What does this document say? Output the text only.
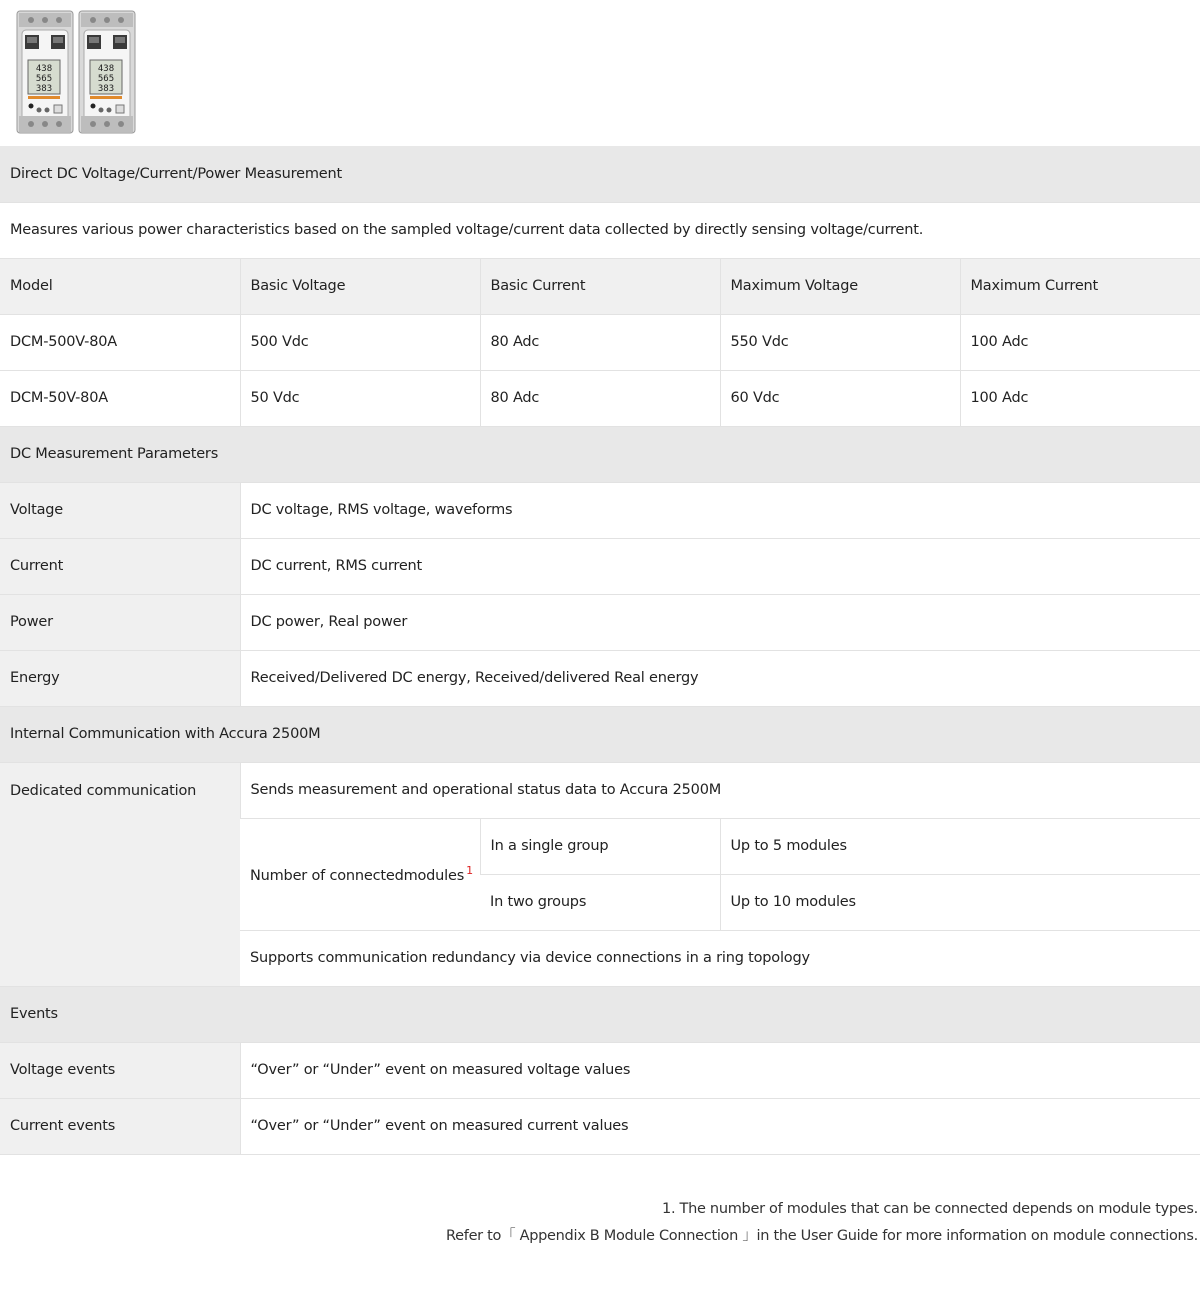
438
565
383
438
565
383
Direct DC Voltage/Current/Power Measurement				
Measures various power characteristics based on the sampled voltage/current data collected by directly sensing voltage/current.				
Model	Basic Voltage	Basic Current	Maximum Voltage	Maximum Current
DCM-500V-80A	500 Vdc	80 Adc	550 Vdc	100 Adc
DCM-50V-80A	50 Vdc	80 Adc	60 Vdc	100 Adc
DC Measurement Parameters				
Voltage	DC voltage, RMS voltage, waveforms			
Current	DC current, RMS current			
Power	DC power, Real power			
Energy	Received/Delivered DC energy, Received/delivered Real energy			
Internal Communication with Accura 2500M				
Dedicated communication	Sends measurement and operational status data to Accura 2500M			
	Number of connectedmodules $^1$	In a single group	Up to 5 modules	
		In two groups	Up to 10 modules	
	Supports communication redundancy via device connections in a ring topology			
Events				
Voltage events	“Over” or “Under” event on measured voltage values			
Current events	“Over” or “Under” event on measured current values			
1. The number of modules that can be connected depends on module types.
Refer to「 Appendix B Module Connection 」in the User Guide for more information on module connections.
